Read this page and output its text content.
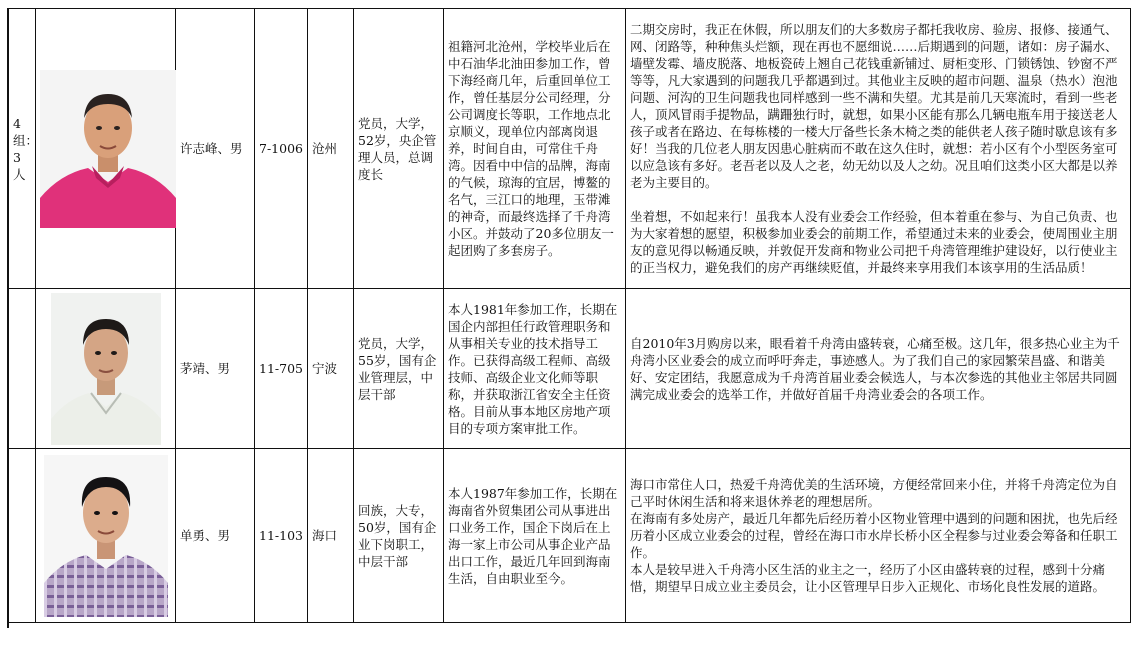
4组：3人		许志峰、男	7-1006	沧州	党员，大学，52岁，央企管理人员，总调度长	祖籍河北沧州，学校毕业后在中石油华北油田参加工作，曾下海经商几年，后重回单位工作，曾任基层分公司经理，分公司调度长等职，工作地点北京顺义，现单位内部离岗退养，时间自由，可常住千舟湾。因看中中信的品牌，海南的气候，琼海的宜居，博鳌的名气，三江口的地理，玉带滩的神奇，而最终选择了千舟湾小区。并鼓动了20多位朋友一起团购了多套房子。	二期交房时，我正在休假，所以朋友们的大多数房子都托我收房、验房、报修、接通气、网、闭路等，种种焦头烂额，现在再也不愿细说……后期遇到的问题，诸如：房子漏水、墙壁发霉、墙皮脱落、地板瓷砖上翘自己花钱重新铺过、厨柜变形、门锁锈蚀、钞窗不严等等，凡大家遇到的问题我几乎都遇到过。其他业主反映的超市问题、温泉（热水）泡池问题、河沟的卫生问题我也同样感到一些不满和失望。尤其是前几天寒流时，看到一些老人，顶风冒雨手提物品，蹒跚独行时，就想，如果小区能有那么几辆电瓶车用于接送老人孩子或者在路边、在每栋楼的一楼大厅备些长条木椅之类的能供老人孩子随时歇息该有多好！当我的几位老人朋友因患心脏病而不敢在这久住时，就想：若小区有个小型医务室可以应急该有多好。老吾老以及人之老，幼无幼以及人之幼。况且咱们这类小区大都是以养老为主要目的。

坐着想，不如起来行！虽我本人没有业委会工作经验，但本着重在参与、为自己负责、也为大家着想的愿望，积极参加业委会的前期工作，希望通过未来的业委会，使周围业主朋友的意见得以畅通反映，并敦促开发商和物业公司把千舟湾管理维护建设好，以行使业主的正当权力，避免我们的房产再继续贬值，并最终来享用我们本该享用的生活品质！

	茅靖、男	11-705	宁波	党员，大学，55岁，国有企业管理层，中层干部	本人1981年参加工作，长期在国企内部担任行政管理职务和从事相关专业的技术指导工作。已获得高级工程师、高级技师、高级企业文化师等职称，并获取浙江省安全主任资格。目前从事本地区房地产项目的专项方案审批工作。	自2010年3月购房以来，眼看着千舟湾由盛转衰，心痛至极。这几年，很多热心业主为千舟湾小区业委会的成立而呼吁奔走，事迹感人。为了我们自己的家园繁荣昌盛、和谐美好、安定团结，我愿意成为千舟湾首届业委会候选人，与本次参选的其他业主邻居共同圆满完成业委会的选举工作，并做好首届千舟湾业委会的各项工作。

	单勇、男	11-103	海口	回族，大专，50岁，国有企业下岗职工，中层干部	本人1987年参加工作，长期在海南省外贸集团公司从事进出口业务工作，国企下岗后在上海一家上市公司从事企业产品出口工作，最近几年回到海南生活，自由职业至今。	海口市常住人口，热爱千舟湾优美的生活环境，方便经常回来小住，并将千舟湾定位为自己平时休闲生活和将来退休养老的理想居所。

在海南有多处房产，最近几年都先后经历着小区物业管理中遇到的问题和困扰，也先后经历着小区成立业委会的过程，曾经在海口市水岸长桥小区全程参与过业委会筹备和任职工作。

本人是较早进入千舟湾小区生活的业主之一，经历了小区由盛转衰的过程，感到十分痛惜，期望早日成立业主委员会，让小区管理早日步入正规化、市场化良性发展的道路。
